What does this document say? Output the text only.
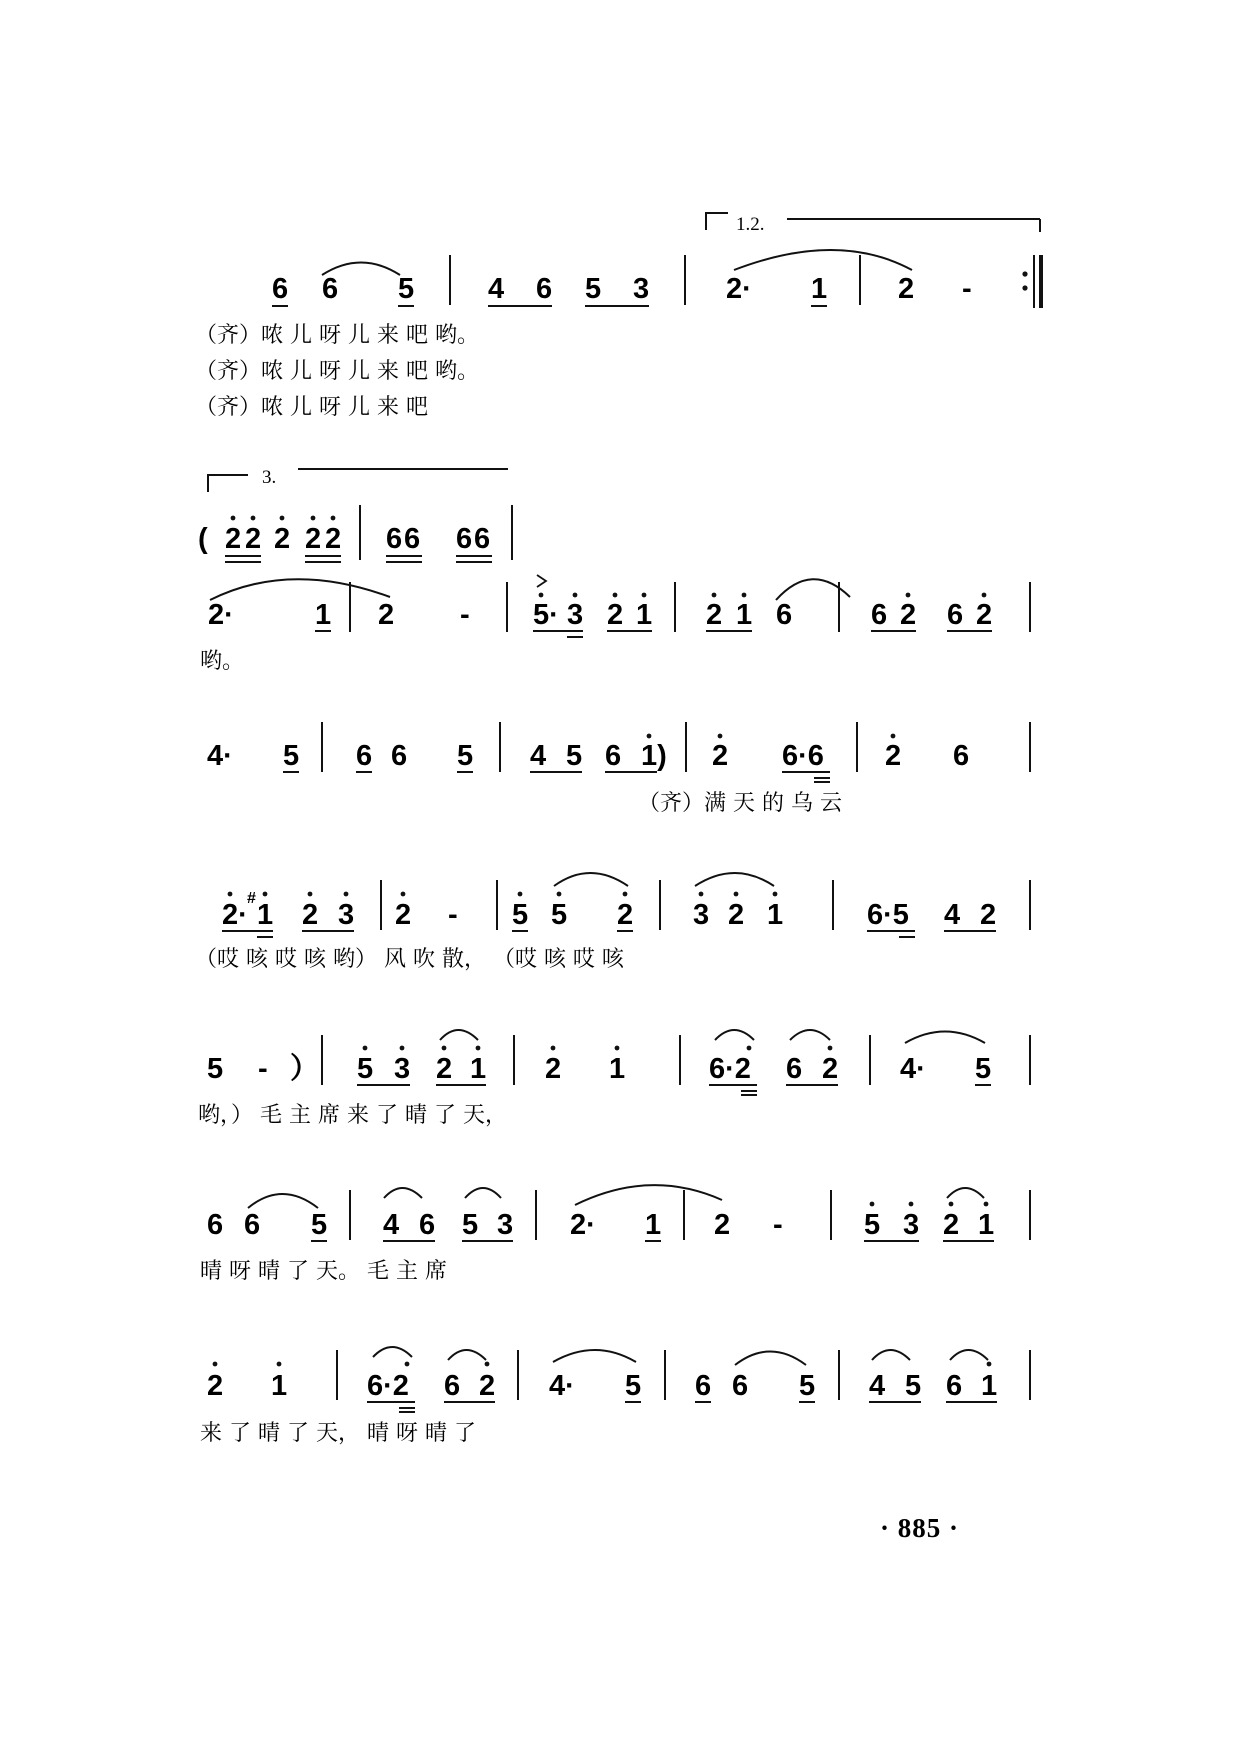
1.2.
6 6 5	4 6 5 3	2· 1 2 -
（齐）哝 儿 呀 儿 来 吧 哟。
（齐）哝 儿 呀 儿 来 吧 哟。
（齐）哝 儿 呀 儿 来 吧
3.
( 2 2 2 2 2 6 6 6 6
2·	1 2 - 5· 3 2 1 2 1 6	6 2 6 2
哟。
4· 5 6 6 5 4 5 6 1) 2 6·6 2 6
（齐）满 天 的 乌 云
2· 1 2 3 2 - 5 5 2 3 2 1	6·5 4 2
#
（哎 咳 哎 咳 哟） 风 吹 散， （哎 咳 哎 咳
5 - ） 5 3 2 1 2 1	6·2 6 2 4· 5
哟，） 毛 主 席 来 了 晴 了 天，
6 6 5 4 6 5 3 2· 1 2 -	5 3 2 1
晴 呀 晴 了 天。 毛 主 席
2 1	6·2 6 2 4· 5 6 6 5 4 5 6 1
来 了 晴 了 天， 晴 呀 晴 了
· 885 ·
